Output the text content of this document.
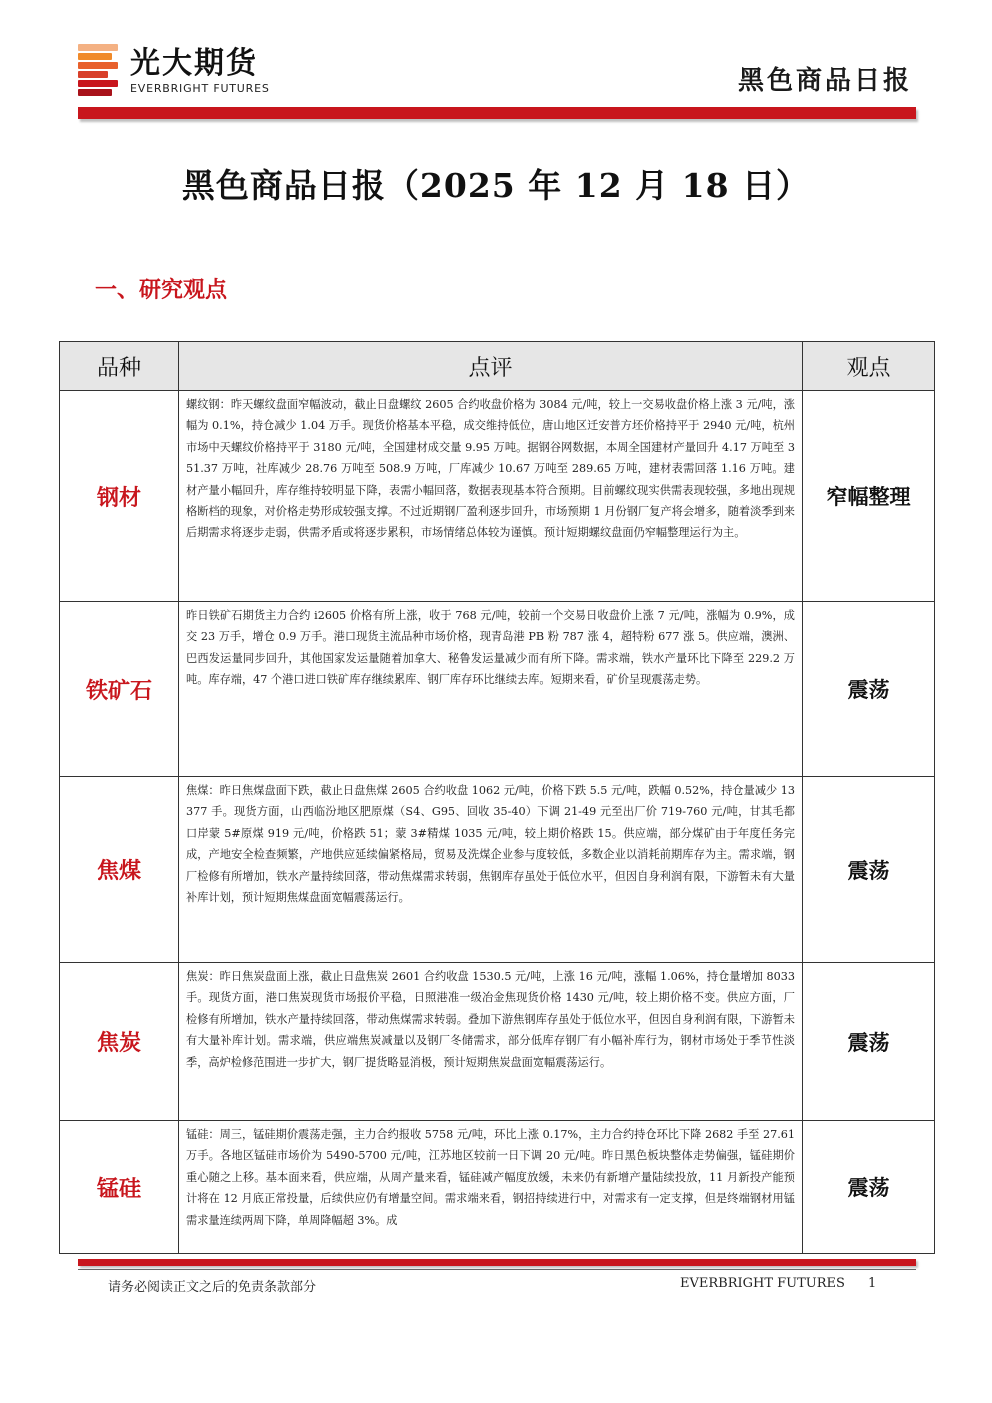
光大期货
EVERBRIGHT FUTURES	黑色商品日报
黑色商品日报（2025 年 12 月 18 日）
一、研究观点
品种	点评	观点
钢材	螺纹钢：昨天螺纹盘面窄幅波动，截止日盘螺纹 2605 合约收盘价格为 3084 元/吨，较上一交易收盘价格上涨 3 元/吨，涨幅为 0.1%，持仓减少 1.04 万手。现货价格基本平稳，成交维持低位，唐山地区迁安普方坯价格持平于 2940 元/吨，杭州市场中天螺纹价格持平于 3180 元/吨，全国建材成交量 9.95 万吨。据钢谷网数据，本周全国建材产量回升 4.17 万吨至 351.37 万吨，社库减少 28.76 万吨至 508.9 万吨，厂库减少 10.67 万吨至 289.65 万吨，建材表需回落 1.16 万吨。建材产量小幅回升，库存维持较明显下降，表需小幅回落，数据表现基本符合预期。目前螺纹现实供需表现较强，多地出现规格断档的现象，对价格走势形成较强支撑。不过近期钢厂盈利逐步回升，市场预期 1 月份钢厂复产将会增多，随着淡季到来后期需求将逐步走弱，供需矛盾或将逐步累积，市场情绪总体较为谨慎。预计短期螺纹盘面仍窄幅整理运行为主。	窄幅整理
铁矿石	昨日铁矿石期货主力合约 i2605 价格有所上涨，收于 768 元/吨，较前一个交易日收盘价上涨 7 元/吨，涨幅为 0.9%，成交 23 万手，增仓 0.9 万手。港口现货主流品种市场价格，现青岛港 PB 粉 787 涨 4，超特粉 677 涨 5。供应端，澳洲、巴西发运量同步回升，其他国家发运量随着加拿大、秘鲁发运量减少而有所下降。需求端，铁水产量环比下降至 229.2 万吨。库存端，47 个港口进口铁矿库存继续累库、钢厂库存环比继续去库。短期来看，矿价呈现震荡走势。	震荡
焦煤	焦煤：昨日焦煤盘面下跌，截止日盘焦煤 2605 合约收盘 1062 元/吨，价格下跌 5.5 元/吨，跌幅 0.52%，持仓量减少 13377 手。现货方面，山西临汾地区肥原煤（S4、G95、回收 35-40）下调 21-49 元至出厂价 719-760 元/吨，甘其毛都口岸蒙 5#原煤 919 元/吨，价格跌 51；蒙 3#精煤 1035 元/吨，较上期价格跌 15。供应端，部分煤矿由于年度任务完成，产地安全检查频繁，产地供应延续偏紧格局，贸易及洗煤企业参与度较低，多数企业以消耗前期库存为主。需求端，钢厂检修有所增加，铁水产量持续回落，带动焦煤需求转弱，焦钢库存虽处于低位水平，但因自身利润有限，下游暂未有大量补库计划，预计短期焦煤盘面宽幅震荡运行。	震荡
焦炭	焦炭：昨日焦炭盘面上涨，截止日盘焦炭 2601 合约收盘 1530.5 元/吨，上涨 16 元/吨，涨幅 1.06%，持仓量增加 8033 手。现货方面，港口焦炭现货市场报价平稳，日照港准一级冶金焦现货价格 1430 元/吨，较上期价格不变。供应方面，厂检修有所增加，铁水产量持续回落，带动焦煤需求转弱。叠加下游焦钢库存虽处于低位水平，但因自身利润有限，下游暂未有大量补库计划。需求端，供应端焦炭减量以及钢厂冬储需求，部分低库存钢厂有小幅补库行为，钢材市场处于季节性淡季，高炉检修范围进一步扩大，钢厂提货略显消极，预计短期焦炭盘面宽幅震荡运行。	震荡
锰硅	锰硅：周三，锰硅期价震荡走强，主力合约报收 5758 元/吨，环比上涨 0.17%，主力合约持仓环比下降 2682 手至 27.61 万手。各地区锰硅市场价为 5490-5700 元/吨，江苏地区较前一日下调 20 元/吨。昨日黑色板块整体走势偏强，锰硅期价重心随之上移。基本面来看，供应端，从周产量来看，锰硅减产幅度放缓，未来仍有新增产量陆续投放，11 月新投产能预计将在 12 月底正常投量，后续供应仍有增量空间。需求端来看，钢招持续进行中，对需求有一定支撑，但是终端钢材用锰需求量连续两周下降，单周降幅超 3%。成	震荡
请务必阅读正文之后的免责条款部分	EVERBRIGHT FUTURES 1
